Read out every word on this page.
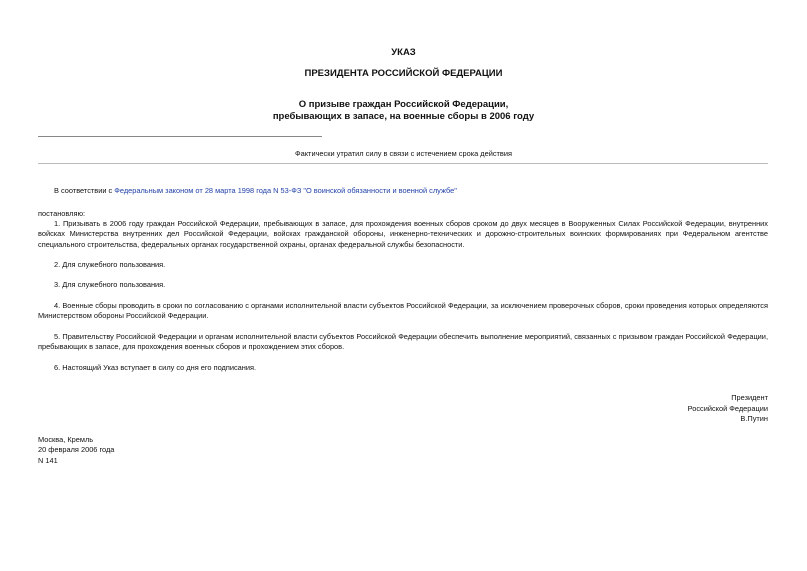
УКАЗ
ПРЕЗИДЕНТА РОССИЙСКОЙ ФЕДЕРАЦИИ
О призыве граждан Российской Федерации,
пребывающих в запасе, на военные сборы в 2006 году
Фактически утратил силу в связи с истечением срока действия
В соответствии с Федеральным законом от 28 марта 1998 года N 53-ФЗ "О воинской обязанности и военной службе"
постановляю:
1. Призывать в 2006 году граждан Российской Федерации, пребывающих в запасе, для прохождения военных сборов сроком до двух месяцев в Вооруженных Силах Российской Федерации, внутренних войсках Министерства внутренних дел Российской Федерации, войсках гражданской обороны, инженерно-технических и дорожно-строительных воинских формированиях при Федеральном агентстве специального строительства, федеральных органах государственной охраны, органах федеральной службы безопасности.
2. Для служебного пользования.
3. Для служебного пользования.
4. Военные сборы проводить в сроки по согласованию с органами исполнительной власти субъектов Российской Федерации, за исключением проверочных сборов, сроки проведения которых определяются Министерством обороны Российской Федерации.
5. Правительству Российской Федерации и органам исполнительной власти субъектов Российской Федерации обеспечить выполнение мероприятий, связанных с призывом граждан Российской Федерации, пребывающих в запасе, для прохождения военных сборов и прохождением этих сборов.
6. Настоящий Указ вступает в силу со дня его подписания.
Президент
Российской Федерации
В.Путин
Москва, Кремль
20 февраля 2006 года
N 141
